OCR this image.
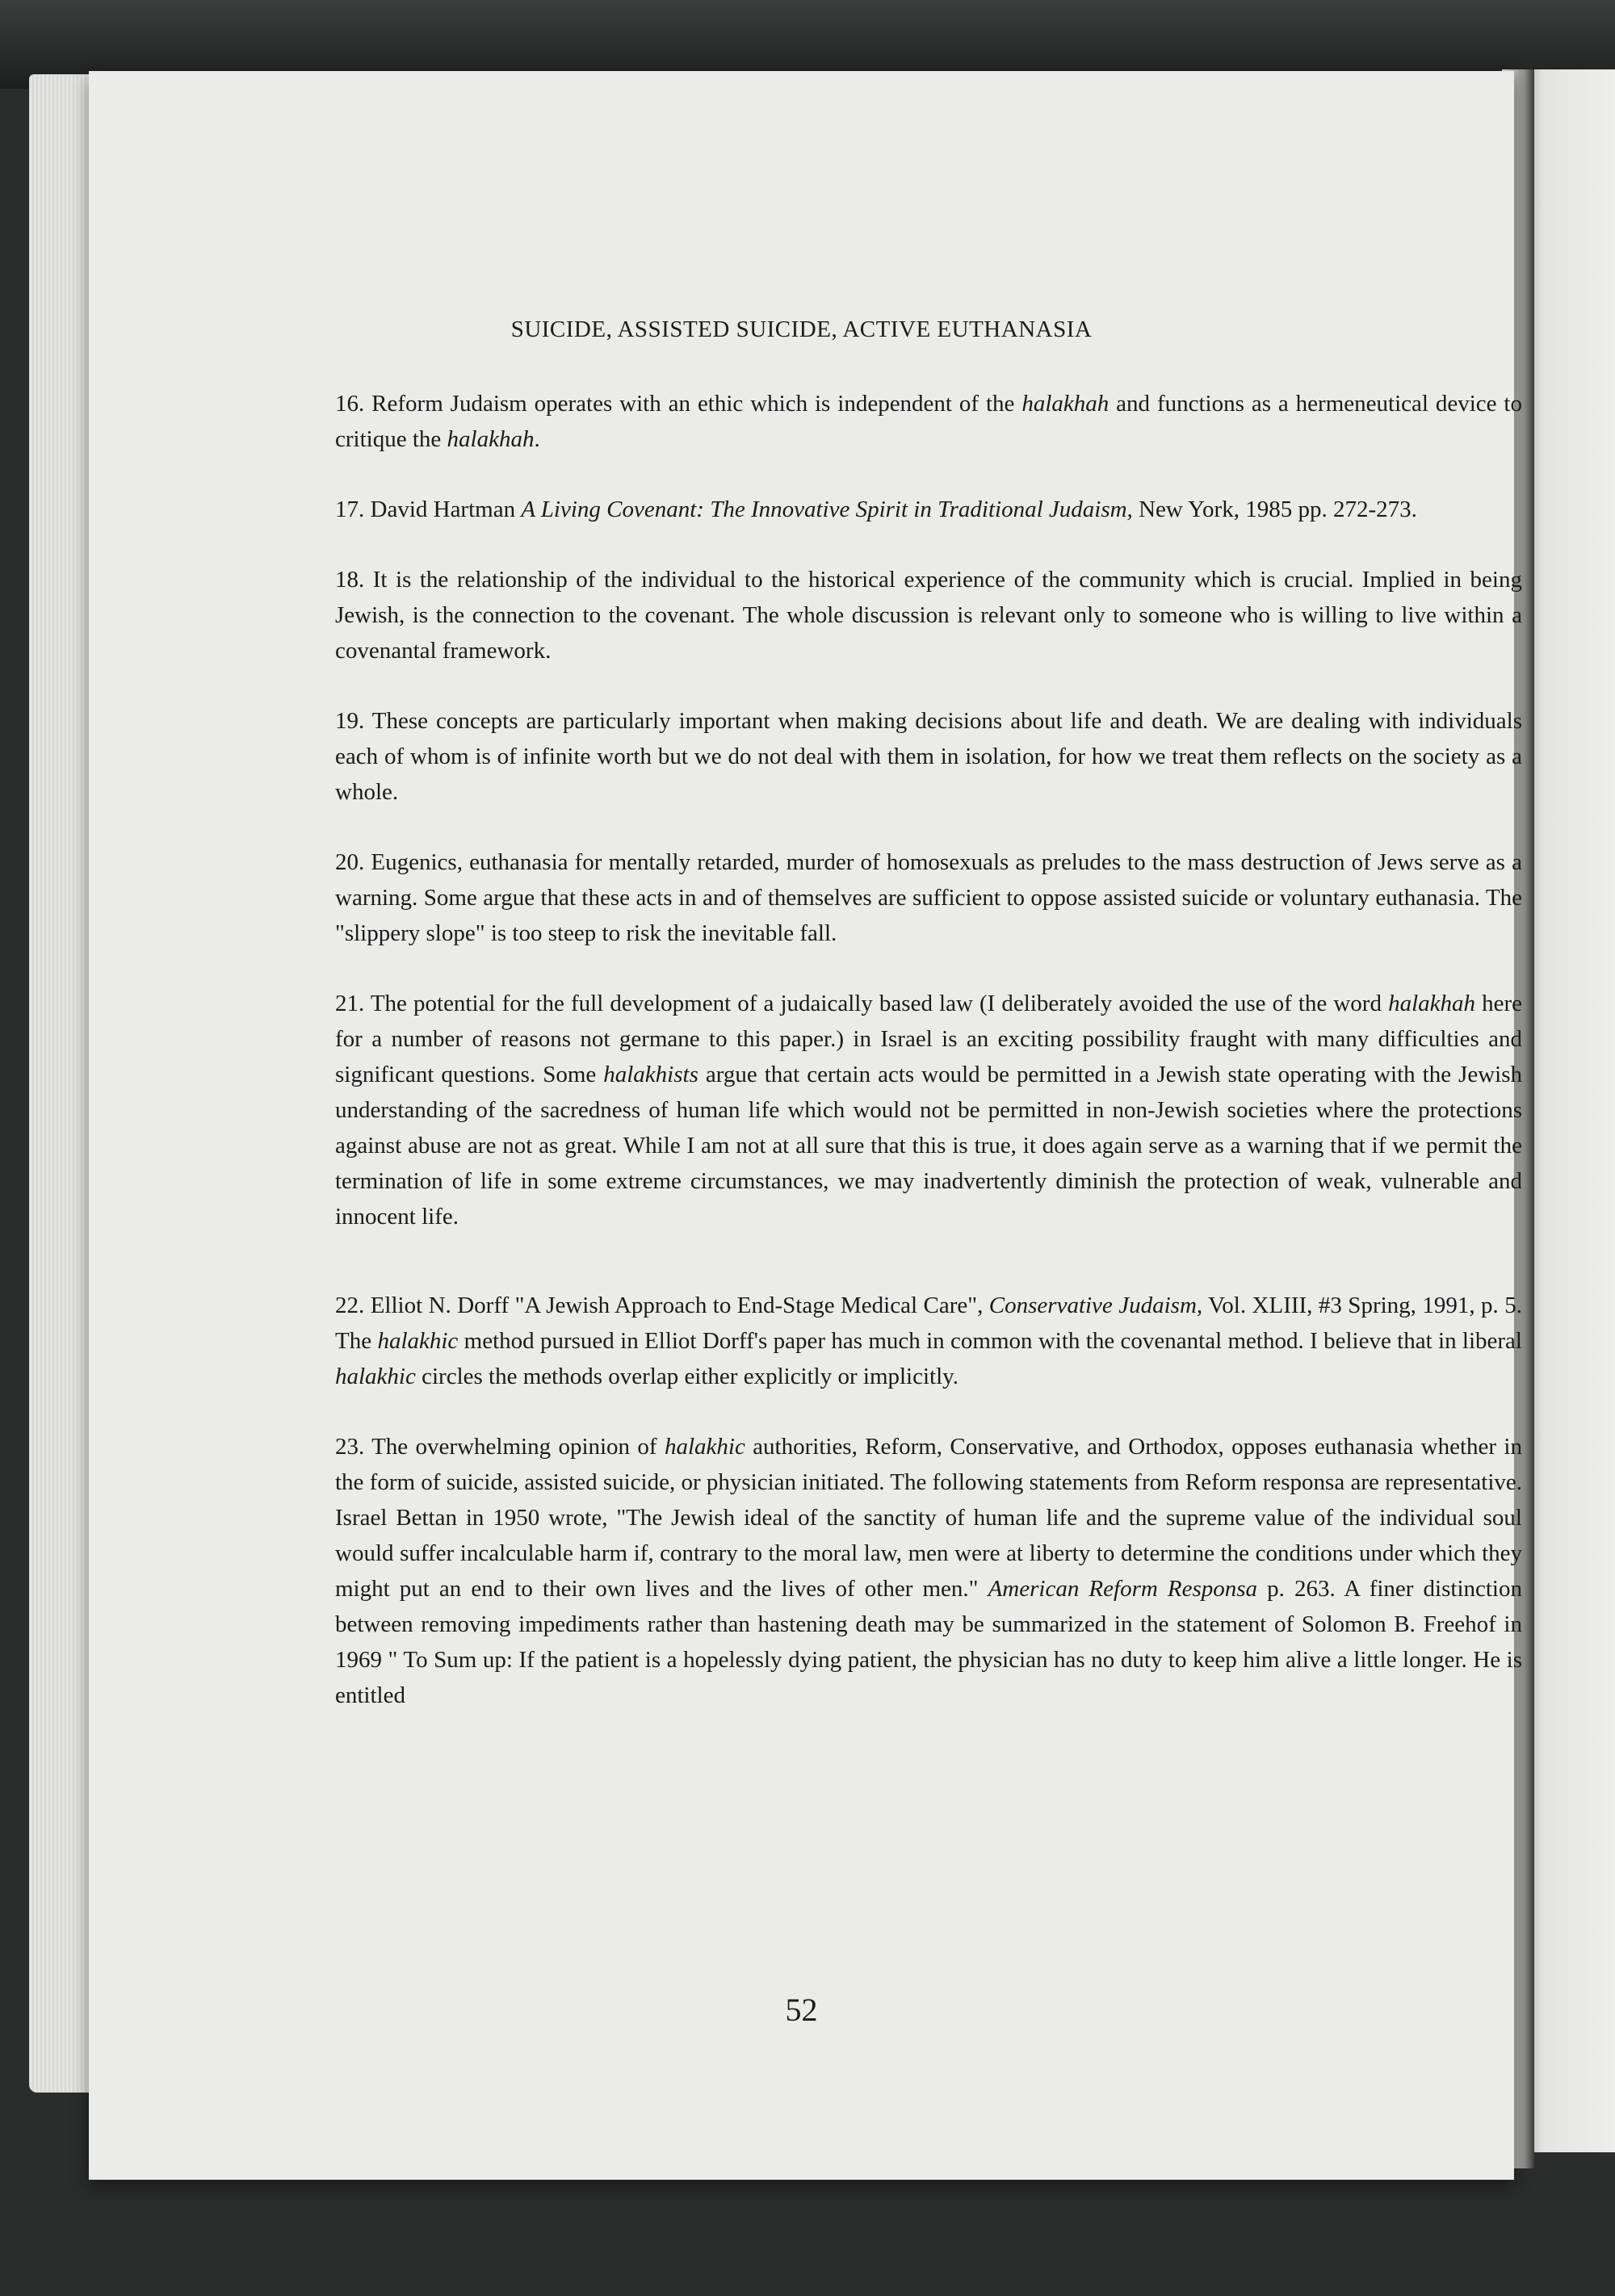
SUICIDE, ASSISTED SUICIDE, ACTIVE EUTHANASIA

16. Reform Judaism operates with an ethic which is independent of the halakhah and functions as a hermeneutical device to critique the halakhah.

17. David Hartman A Living Covenant: The Innovative Spirit in Traditional Judaism, New York, 1985 pp. 272-273.

18. It is the relationship of the individual to the historical experience of the community which is crucial. Implied in being Jewish, is the connection to the covenant. The whole discussion is relevant only to someone who is willing to live within a covenantal framework.

19. These concepts are particularly important when making decisions about life and death. We are dealing with individuals each of whom is of infinite worth but we do not deal with them in isolation, for how we treat them reflects on the society as a whole.

20. Eugenics, euthanasia for mentally retarded, murder of homosexuals as preludes to the mass destruction of Jews serve as a warning. Some argue that these acts in and of themselves are sufficient to oppose assisted suicide or voluntary euthanasia. The "slippery slope" is too steep to risk the inevitable fall.

21. The potential for the full development of a judaically based law (I deliberately avoided the use of the word halakhah here for a number of reasons not germane to this paper.) in Israel is an exciting possibility fraught with many difficulties and significant questions. Some halakhists argue that certain acts would be permitted in a Jewish state operating with the Jewish understanding of the sacredness of human life which would not be permitted in non-Jewish societies where the protections against abuse are not as great. While I am not at all sure that this is true, it does again serve as a warning that if we permit the termination of life in some extreme circumstances, we may inadvertently diminish the protection of weak, vulnerable and innocent life.

22. Elliot N. Dorff "A Jewish Approach to End-Stage Medical Care", Conservative Judaism, Vol. XLIII, #3 Spring, 1991, p. 5. The halakhic method pursued in Elliot Dorff's paper has much in common with the covenantal method. I believe that in liberal halakhic circles the methods overlap either explicitly or implicitly.

23. The overwhelming opinion of halakhic authorities, Reform, Conservative, and Orthodox, opposes euthanasia whether in the form of suicide, assisted suicide, or physician initiated. The following statements from Reform responsa are representative. Israel Bettan in 1950 wrote, "The Jewish ideal of the sanctity of human life and the supreme value of the individual soul would suffer incalculable harm if, contrary to the moral law, men were at liberty to determine the conditions under which they might put an end to their own lives and the lives of other men." American Reform Responsa p. 263. A finer distinction between removing impediments rather than hastening death may be summarized in the statement of Solomon B. Freehof in 1969 " To Sum up: If the patient is a hopelessly dying patient, the physician has no duty to keep him alive a little longer. He is entitled

52
